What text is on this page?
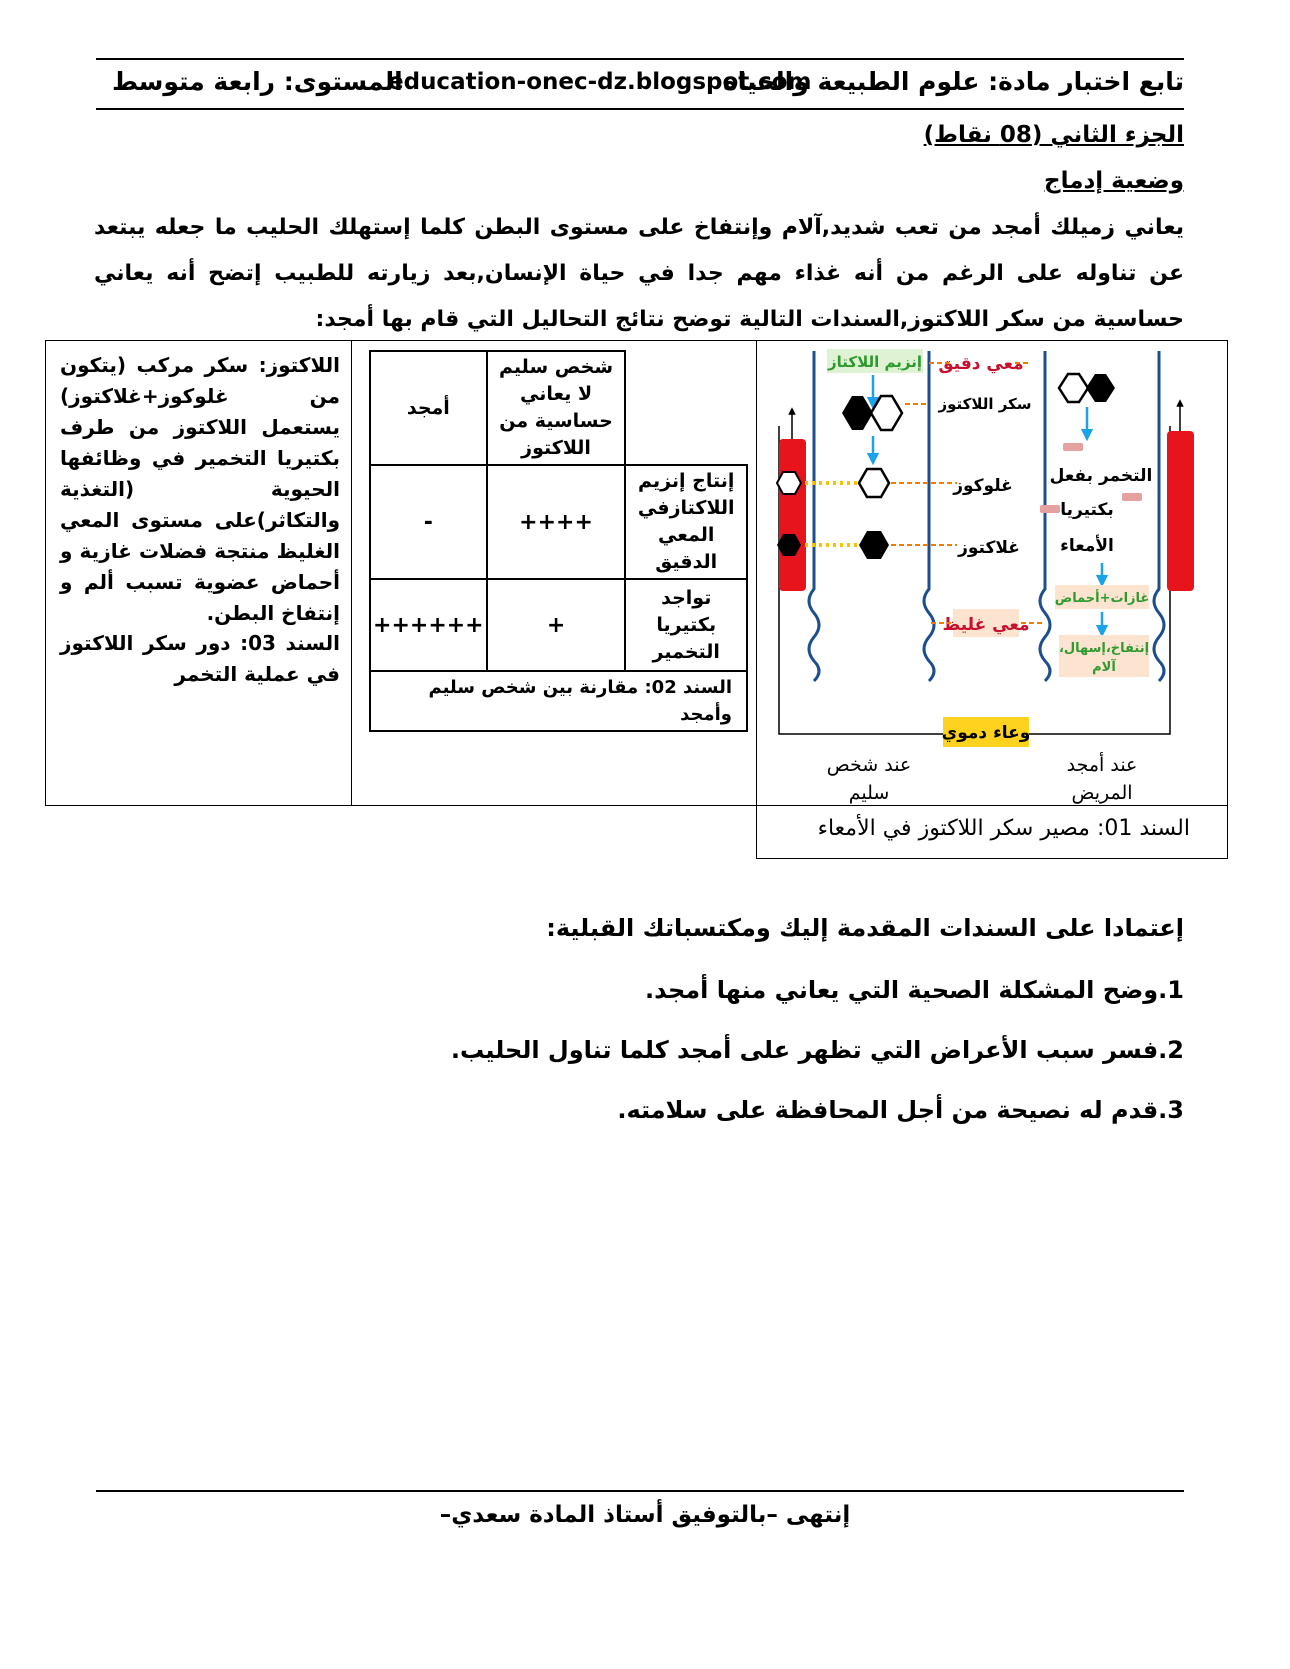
تابع اختبار مادة: علوم الطبيعة والحياة
education-onec-dz.blogspot.com
المستوى: رابعة متوسط
الجزء الثاني (08 نقاط)
وضعية إدماج
يعاني زميلك أمجد من تعب شديد,آلام وإنتفاخ على مستوى البطن كلما إستهلك الحليب ما جعله يبتعد عن تناوله على الرغم من أنه غذاء مهم جدا في حياة الإنسان,بعد زيارته للطبيب إتضح أنه يعاني حساسية من سكر اللاكتوز,السندات التالية توضح نتائج التحاليل التي قام بها أمجد:
السند 01: مصير سكر اللاكتوز في الأمعاء
إنزيم اللاكتاز معي دقيق
سكر اللاكتوز
غلوكوز
غلاكتوز
التخمر بفعل
بكتيريا
الأمعاء
غازات+أحماض
إنتفاخ،إسهال،
آلام
معي غليظ
وعاء دموي
عند شخص
سليم
عند أمجد
المريض
	شخص سليم لا يعاني حساسية من اللاكتوز	أمجد
إنتاج إنزيم اللاكتازفي المعي الدقيق	++++	-
تواجد بكتيريا التخمير	+	++++++
السند 02: مقارنة بين شخص سليم وأمجد		
اللاكتوز: سكر مركب (يتكون من غلوكوز+غلاكتوز) يستعمل اللاكتوز من طرف بكتيريا التخمير في وظائفها الحيوية (التغذية والتكاثر)على مستوى المعي الغليظ منتجة فضلات غازية و أحماض عضوية تسبب ألم و إنتفاخ البطن.
السند 03: دور سكر اللاكتوز في عملية التخمر
إعتمادا على السندات المقدمة إليك ومكتسباتك القبلية:
1.وضح المشكلة الصحية التي يعاني منها أمجد.
2.فسر سبب الأعراض التي تظهر على أمجد كلما تناول الحليب.
3.قدم له نصيحة من أجل المحافظة على سلامته.
إنتهى –بالتوفيق أستاذ المادة سعدي–
